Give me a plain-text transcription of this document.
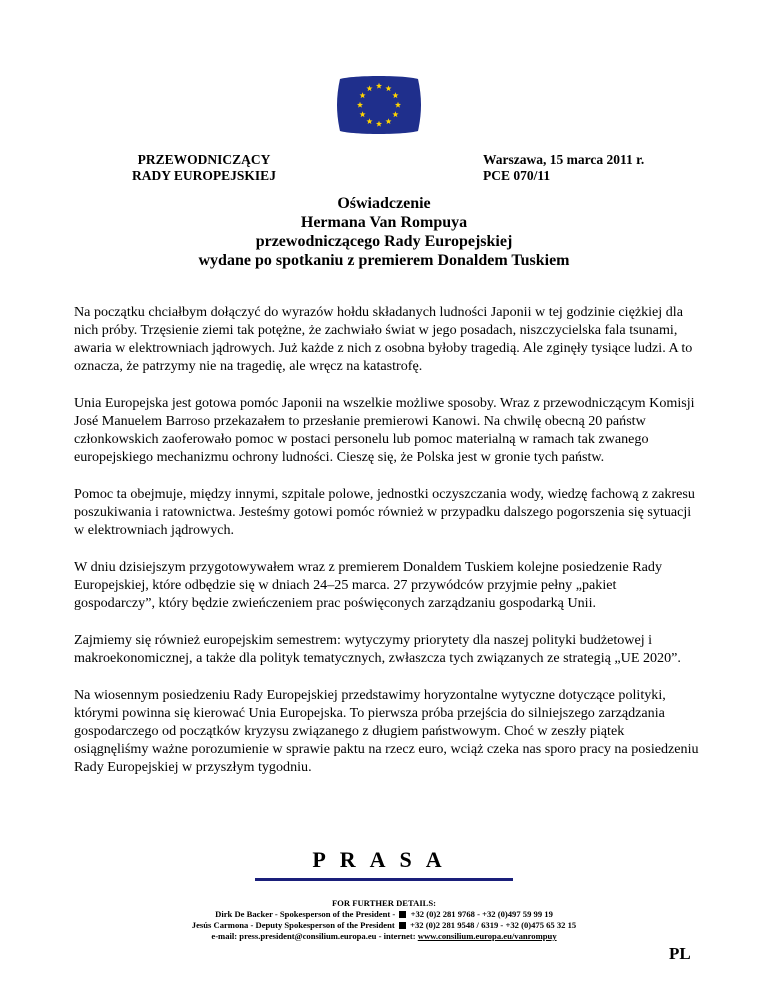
PRZEWODNICZĄCY
RADY EUROPEJSKIEJ
Warszawa, 15 marca 2011 r.
PCE 070/11
Oświadczenie
Hermana Van Rompuya
przewodniczącego Rady Europejskiej
wydane po spotkaniu z premierem Donaldem Tuskiem

Na początku chciałbym dołączyć do wyrazów hołdu składanych ludności Japonii w tej godzinie ciężkiej dla nich próby. Trzęsienie ziemi tak potężne, że zachwiało świat w jego posadach, niszczycielska fala tsunami, awaria w elektrowniach jądrowych. Już każde z nich z osobna byłoby tragedią. Ale zginęły tysiące ludzi. A to oznacza, że patrzymy nie na tragedię, ale wręcz na katastrofę.

Unia Europejska jest gotowa pomóc Japonii na wszelkie możliwe sposoby. Wraz z przewodniczącym Komisji José Manuelem Barroso przekazałem to przesłanie premierowi Kanowi. Na chwilę obecną 20 państw członkowskich zaoferowało pomoc w postaci personelu lub pomoc materialną w ramach tak zwanego europejskiego mechanizmu ochrony ludności. Cieszę się, że Polska jest w gronie tych państw.

Pomoc ta obejmuje, między innymi, szpitale polowe, jednostki oczyszczania wody, wiedzę fachową z zakresu poszukiwania i ratownictwa. Jesteśmy gotowi pomóc również w przypadku dalszego pogorszenia się sytuacji w elektrowniach jądrowych.

W dniu dzisiejszym przygotowywałem wraz z premierem Donaldem Tuskiem kolejne posiedzenie Rady Europejskiej, które odbędzie się w dniach 24–25 marca. 27 przywódców przyjmie pełny „pakiet gospodarczy”, który będzie zwieńczeniem prac poświęconych zarządzaniu gospodarką Unii.

Zajmiemy się również europejskim semestrem: wytyczymy priorytety dla naszej polityki budżetowej i makroekonomicznej, a także dla polityk tematycznych, zwłaszcza tych związanych ze strategią „UE 2020”.

Na wiosennym posiedzeniu Rady Europejskiej przedstawimy horyzontalne wytyczne dotyczące polityki, którymi powinna się kierować Unia Europejska. To pierwsza próba przejścia do silniejszego zarządzania gospodarczego od początków kryzysu związanego z długiem państwowym. Choć w zeszły piątek osiągnęliśmy ważne porozumienie w sprawie paktu na rzecz euro, wciąż czeka nas sporo pracy na posiedzeniu Rady Europejskiej w przyszłym tygodniu.

PRASA
FOR FURTHER DETAILS:
Dirk De Backer - Spokesperson of the President - +32 (0)2 281 9768 - +32 (0)497 59 99 19
Jesús Carmona - Deputy Spokesperson of the President +32 (0)2 281 9548 / 6319 - +32 (0)475 65 32 15
e-mail: press.president@consilium.europa.eu - internet: www.consilium.europa.eu/vanrompuy
PL
